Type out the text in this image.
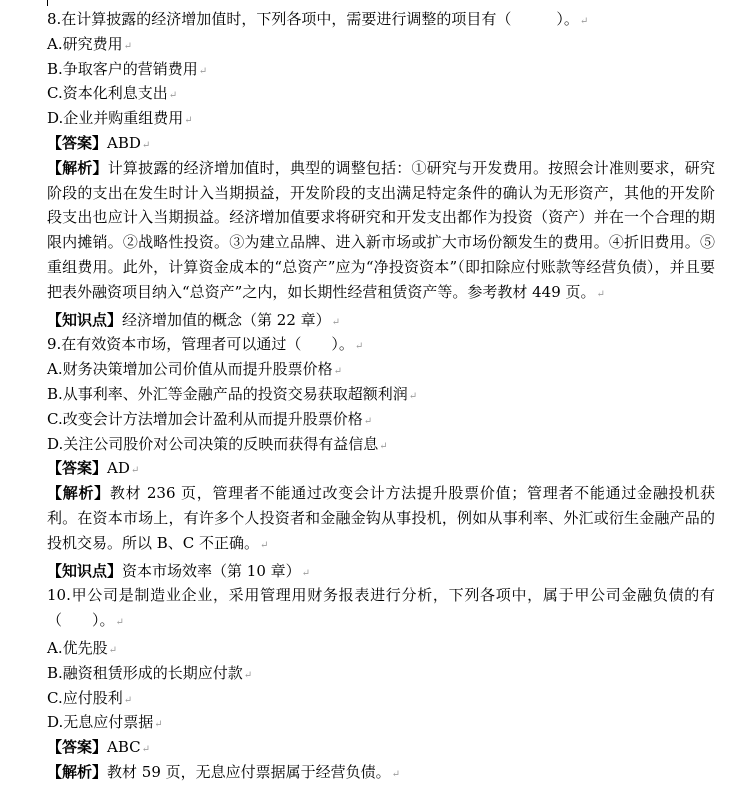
8.在计算披露的经济增加值时，下列各项中，需要进行调整的项目有（　　　）。↵
A.研究费用↵
B.争取客户的营销费用↵
C.资本化利息支出↵
D.企业并购重组费用↵
【答案】ABD↵
【解析】计算披露的经济增加值时，典型的调整包括：①研究与开发费用。按照会计准则要求，研究阶段的支出在发生时计入当期损益，开发阶段的支出满足特定条件的确认为无形资产，其他的开发阶段支出也应计入当期损益。经济增加值要求将研究和开发支出都作为投资（资产）并在一个合理的期限内摊销。②战略性投资。③为建立品牌、进入新市场或扩大市场份额发生的费用。④折旧费用。⑤重组费用。此外，计算资金成本的“总资产”应为“净投资资本”（即扣除应付账款等经营负债），并且要把表外融资项目纳入“总资产”之内，如长期性经营租赁资产等。参考教材 449 页。↵
【知识点】经济增加值的概念（第 22 章）↵
9.在有效资本市场，管理者可以通过（　　）。↵
A.财务决策增加公司价值从而提升股票价格↵
B.从事利率、外汇等金融产品的投资交易获取超额利润↵
C.改变会计方法增加会计盈利从而提升股票价格↵
D.关注公司股价对公司决策的反映而获得有益信息↵
【答案】AD↵
【解析】教材 236 页，管理者不能通过改变会计方法提升股票价值；管理者不能通过金融投机获利。在资本市场上，有许多个人投资者和金融金钩从事投机，例如从事利率、外汇或衍生金融产品的投机交易。所以 B、C 不正确。↵
【知识点】资本市场效率（第 10 章）↵
10.甲公司是制造业企业，采用管理用财务报表进行分析，下列各项中，属于甲公司金融负债的有（　　）。↵
A.优先股↵
B.融资租赁形成的长期应付款↵
C.应付股利↵
D.无息应付票据↵
【答案】ABC↵
【解析】教材 59 页，无息应付票据属于经营负债。↵
